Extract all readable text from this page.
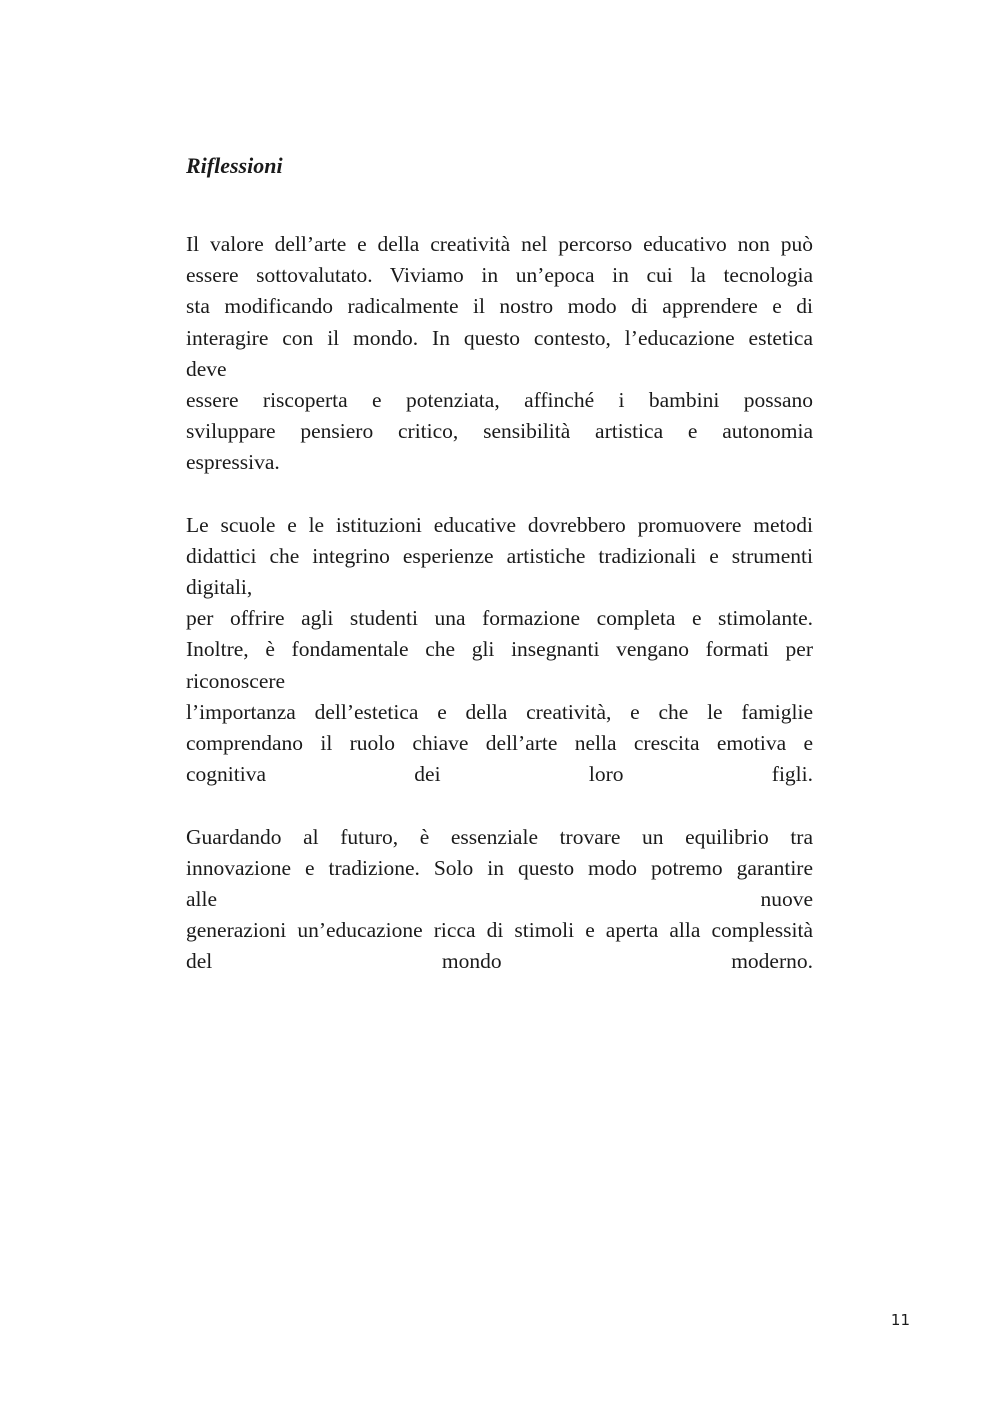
Riflessioni
Il valore dell’arte e della creatività nel percorso educativo non può
essere sottovalutato. Viviamo in un’epoca in cui la tecnologia
sta modificando radicalmente il nostro modo di apprendere e di
interagire con il mondo. In questo contesto, l’educazione estetica
deve
essere riscoperta e potenziata, affinché i bambini possano
sviluppare pensiero critico, sensibilità artistica e autonomia
espressiva.
Le scuole e le istituzioni educative dovrebbero promuovere metodi
didattici che integrino esperienze artistiche tradizionali e strumenti
digitali,
per offrire agli studenti una formazione completa e stimolante.
Inoltre, è fondamentale che gli insegnanti vengano formati per
riconoscere
l’importanza dell’estetica e della creatività, e che le famiglie
comprendano il ruolo chiave dell’arte nella crescita emotiva e
cognitiva dei loro figli.
Guardando al futuro, è essenziale trovare un equilibrio tra
innovazione e tradizione. Solo in questo modo potremo garantire
alle nuove
generazioni un’educazione ricca di stimoli e aperta alla complessità
del mondo moderno.
11
